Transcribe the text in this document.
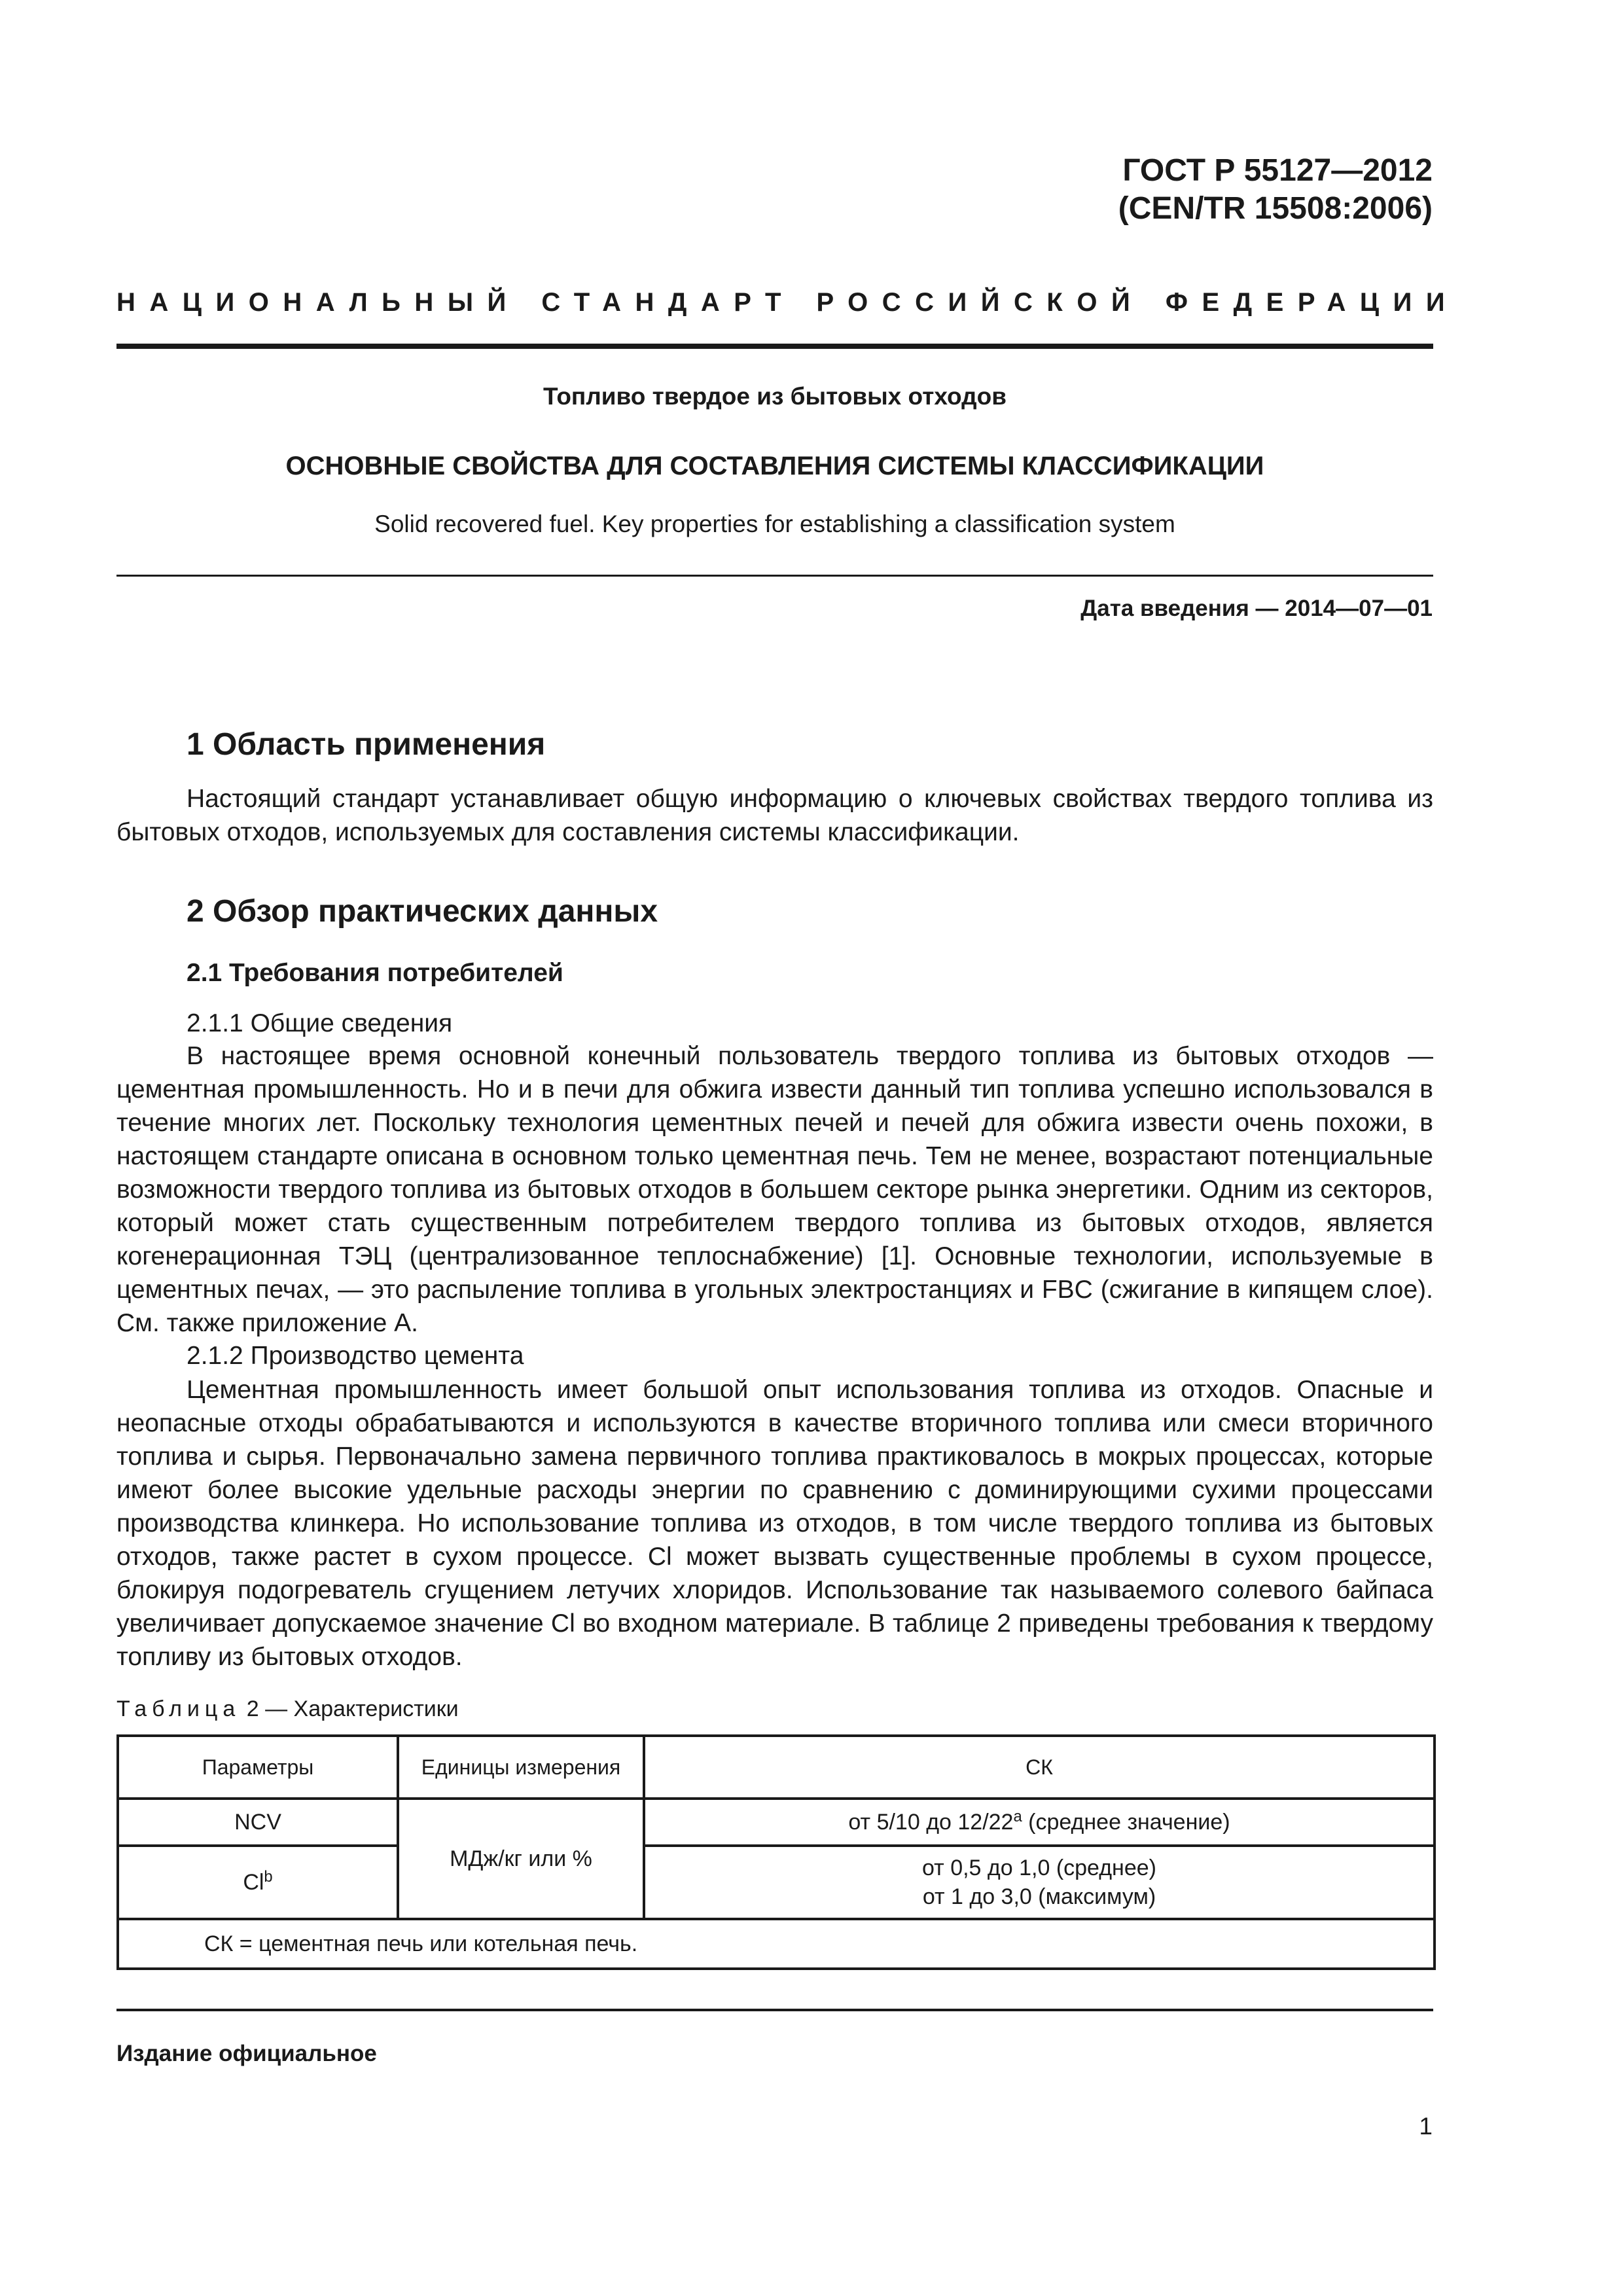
ГОСТ Р 55127—2012
(CEN/TR 15508:2006)
НАЦИОНАЛЬНЫЙ СТАНДАРТ РОССИЙСКОЙ ФЕДЕРАЦИИ
Топливо твердое из бытовых отходов
ОСНОВНЫЕ СВОЙСТВА ДЛЯ СОСТАВЛЕНИЯ СИСТЕМЫ КЛАССИФИКАЦИИ
Solid recovered fuel. Key properties for establishing a classification system
Дата введения — 2014—07—01
1 Область применения
Настоящий стандарт устанавливает общую информацию о ключевых свойствах твердого топлива из бытовых отходов, используемых для составления системы классификации.
2 Обзор практических данных
2.1 Требования потребителей
2.1.1 Общие сведения
В настоящее время основной конечный пользователь твердого топлива из бытовых отходов — цементная промышленность. Но и в печи для обжига извести данный тип топлива успешно использовался в течение многих лет. Поскольку технология цементных печей и печей для обжига извести очень похожи, в настоящем стандарте описана в основном только цементная печь. Тем не менее, возрастают потенциальные возможности твердого топлива из бытовых отходов в большем секторе рынка энергетики. Одним из секторов, который может стать существенным потребителем твердого топлива из бытовых отходов, является когенерационная ТЭЦ (централизованное теплоснабжение) [1]. Основные технологии, используемые в цементных печах, — это распыление топлива в угольных электростанциях и FBC (сжигание в кипящем слое). См. также приложение А.
2.1.2 Производство цемента
Цементная промышленность имеет большой опыт использования топлива из отходов. Опасные и неопасные отходы обрабатываются и используются в качестве вторичного топлива или смеси вторичного топлива и сырья. Первоначально замена первичного топлива практиковалось в мокрых процессах, которые имеют более высокие удельные расходы энергии по сравнению с доминирующими сухими процессами производства клинкера. Но использование топлива из отходов, в том числе твердого топлива из бытовых отходов, также растет в сухом процессе. Cl может вызвать существенные проблемы в сухом процессе, блокируя подогреватель сгущением летучих хлоридов. Использование так называемого солевого байпаса увеличивает допускаемое значение Cl во входном материале. В таблице 2 приведены требования к твердому топливу из бытовых отходов.
Таблица 2 — Характеристики
Параметры	Единицы измерения	СК
NCV	МДж/кг или %	от 5/10 до 12/22$^a$ (среднее значение)
Cl$^b$		от 0,5 до 1,0 (среднее)
от 1 до 3,0 (максимум)

СК = цементная печь или котельная печь.		
Издание официальное
1
